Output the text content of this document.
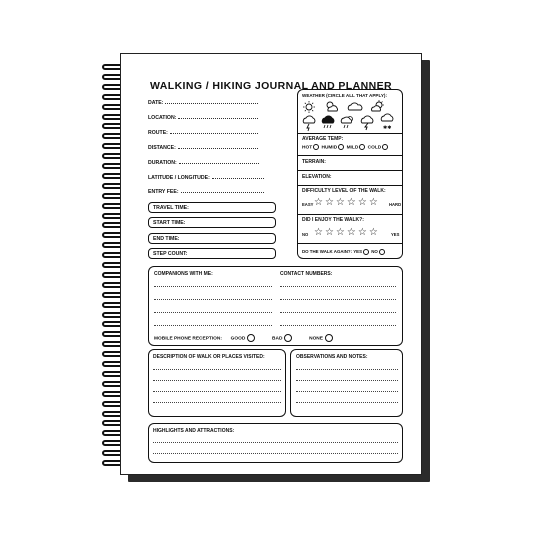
WALKING / HIKING JOURNAL AND PLANNER
DATE:
LOCATION:
ROUTE:
DISTANCE:
DURATION:
LATITUDE / LONGITUDE:
ENTRY FEE:
TRAVEL TIME:
START TIME:
END TIME:
STEP COUNT:
WEATHER (CIRCLE ALL THAT APPLY):
✱✱
AVERAGE TEMP:
HOT HUMID MILD COLD
TERRAIN:
ELEVATION:
DIFFICULTY LEVEL OF THE WALK:
EASY ☆☆☆☆☆☆ HARD
DID I ENJOY THE WALK?:
NO ☆☆☆☆☆☆	YES
DO THE WALK AGAIN?: YES NO
COMPANIONS WITH ME:	CONTACT NUMBERS:
MOBILE PHONE RECEPTION: GOOD	BAD	NONE
DESCRIPTION OF WALK OR PLACES VISITED:	OBSERVATIONS AND NOTES:
HIGHLIGHTS AND ATTRACTIONS:
